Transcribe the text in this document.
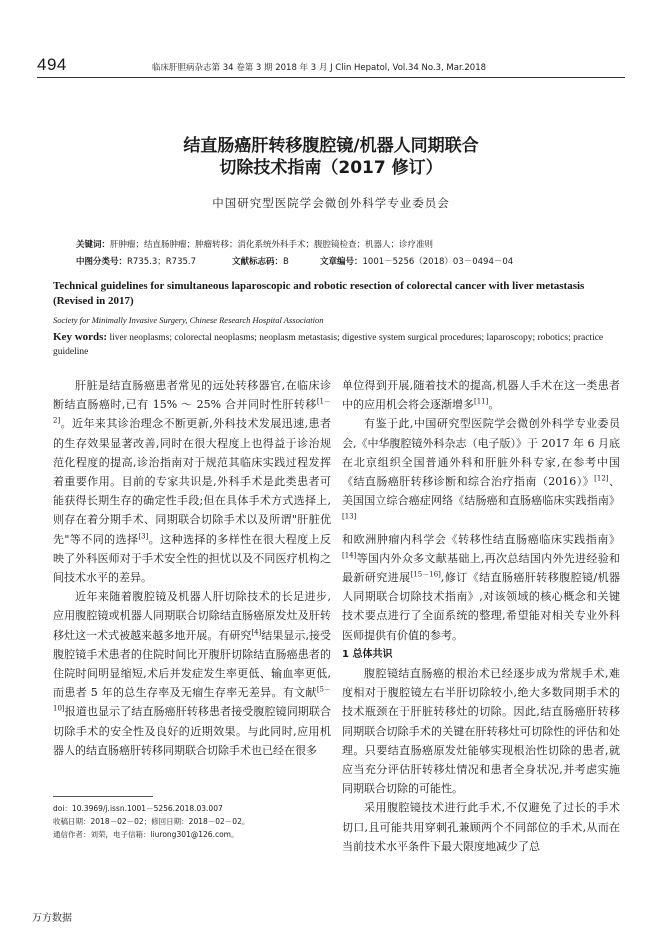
494	临床肝胆病杂志第 34 卷第 3 期 2018 年 3 月 J Clin Hepatol, Vol.34 No.3, Mar.2018
结直肠癌肝转移腹腔镜/机器人同期联合
切除技术指南（2017 修订）
中国研究型医院学会微创外科学专业委员会
关键词：肝肿瘤；结直肠肿瘤；肿瘤转移；消化系统外科手术；腹腔镜检查；机器人；诊疗准则
中图分类号：R735.3；R735.7	文献标志码：B	文章编号：1001－5256（2018）03－0494－04
Technical guidelines for simultaneous laparoscopic and robotic resection of colorectal cancer with liver metastasis (Revised in 2017)
Society for Minimally Invasive Surgery, Chinese Research Hospital Association
Key words: liver neoplasms; colorectal neoplasms; neoplasm metastasis; digestive system surgical procedures; laparoscopy; robotics; practice guideline

肝脏是结直肠癌患者常见的远处转移器官,在临床诊断结直肠癌时,已有 15% ～ 25% 合并同时性肝转移[1－2]。近年来其诊治理念不断更新,外科技术发展迅速,患者的生存效果显著改善,同时在很大程度上也得益于诊治规范化程度的提高,诊治指南对于规范其临床实践过程发挥着重要作用。目前的专家共识是,外科手术是此类患者可能获得长期生存的确定性手段;但在具体手术方式选择上,则存在着分期手术、同期联合切除手术以及所谓"肝脏优先"等不同的选择[3]。这种选择的多样性在很大程度上反映了外科医师对于手术安全性的担忧以及不同医疗机构之间技术水平的差异。

近年来随着腹腔镜及机器人肝切除技术的长足进步,应用腹腔镜或机器人同期联合切除结直肠癌原发灶及肝转移灶这一术式被越来越多地开展。有研究[4]结果显示,接受腹腔镜手术患者的住院时间比开腹肝切除结直肠癌患者的住院时间明显缩短,术后并发症发生率更低、输血率更低,而患者 5 年的总生存率及无瘤生存率无差异。有文献[5－10]报道也显示了结直肠癌肝转移患者接受腹腔镜同期联合切除手术的安全性及良好的近期效果。与此同时,应用机器人的结直肠癌肝转移同期联合切除手术也已经在很多

单位得到开展,随着技术的提高,机器人手术在这一类患者中的应用机会将会逐渐增多[11]。

有鉴于此,中国研究型医院学会微创外科学专业委员会,《中华腹腔镜外科杂志（电子版）》于 2017 年 6 月底在北京组织全国普通外科和肝脏外科专家,在参考中国《结直肠癌肝转移诊断和综合治疗指南（2016）》[12]、美国国立综合癌症网络《结肠癌和直肠癌临床实践指南》[13]和欧洲肿瘤内科学会《转移性结直肠癌临床实践指南》[14]等国内外众多文献基础上,再次总结国内外先进经验和最新研究进展[15－16],修订《结直肠癌肝转移腹腔镜/机器人同期联合切除技术指南》,对该领域的核心概念和关键技术要点进行了全面系统的整理,希望能对相关专业外科医师提供有价值的参考。

1 总体共识

腹腔镜结直肠癌的根治术已经逐步成为常规手术,难度相对于腹腔镜左右半肝切除较小,绝大多数同期手术的技术瓶颈在于肝脏转移灶的切除。因此,结直肠癌肝转移同期联合切除手术的关键在肝转移灶可切除性的评估和处理。只要结直肠癌原发灶能够实现根治性切除的患者,就应当充分评估肝转移灶情况和患者全身状况,并考虑实施同期联合切除的可能性。

采用腹腔镜技术进行此手术,不仅避免了过长的手术切口,且可能共用穿刺孔兼顾两个不同部位的手术,从而在当前技术水平条件下最大限度地减少了总

doi：10.3969/j.issn.1001－5256.2018.03.007
收稿日期：2018－02－02；修回日期：2018－02－02。
通信作者：刘荣，电子信箱：liurong301@126.com。
万方数据
